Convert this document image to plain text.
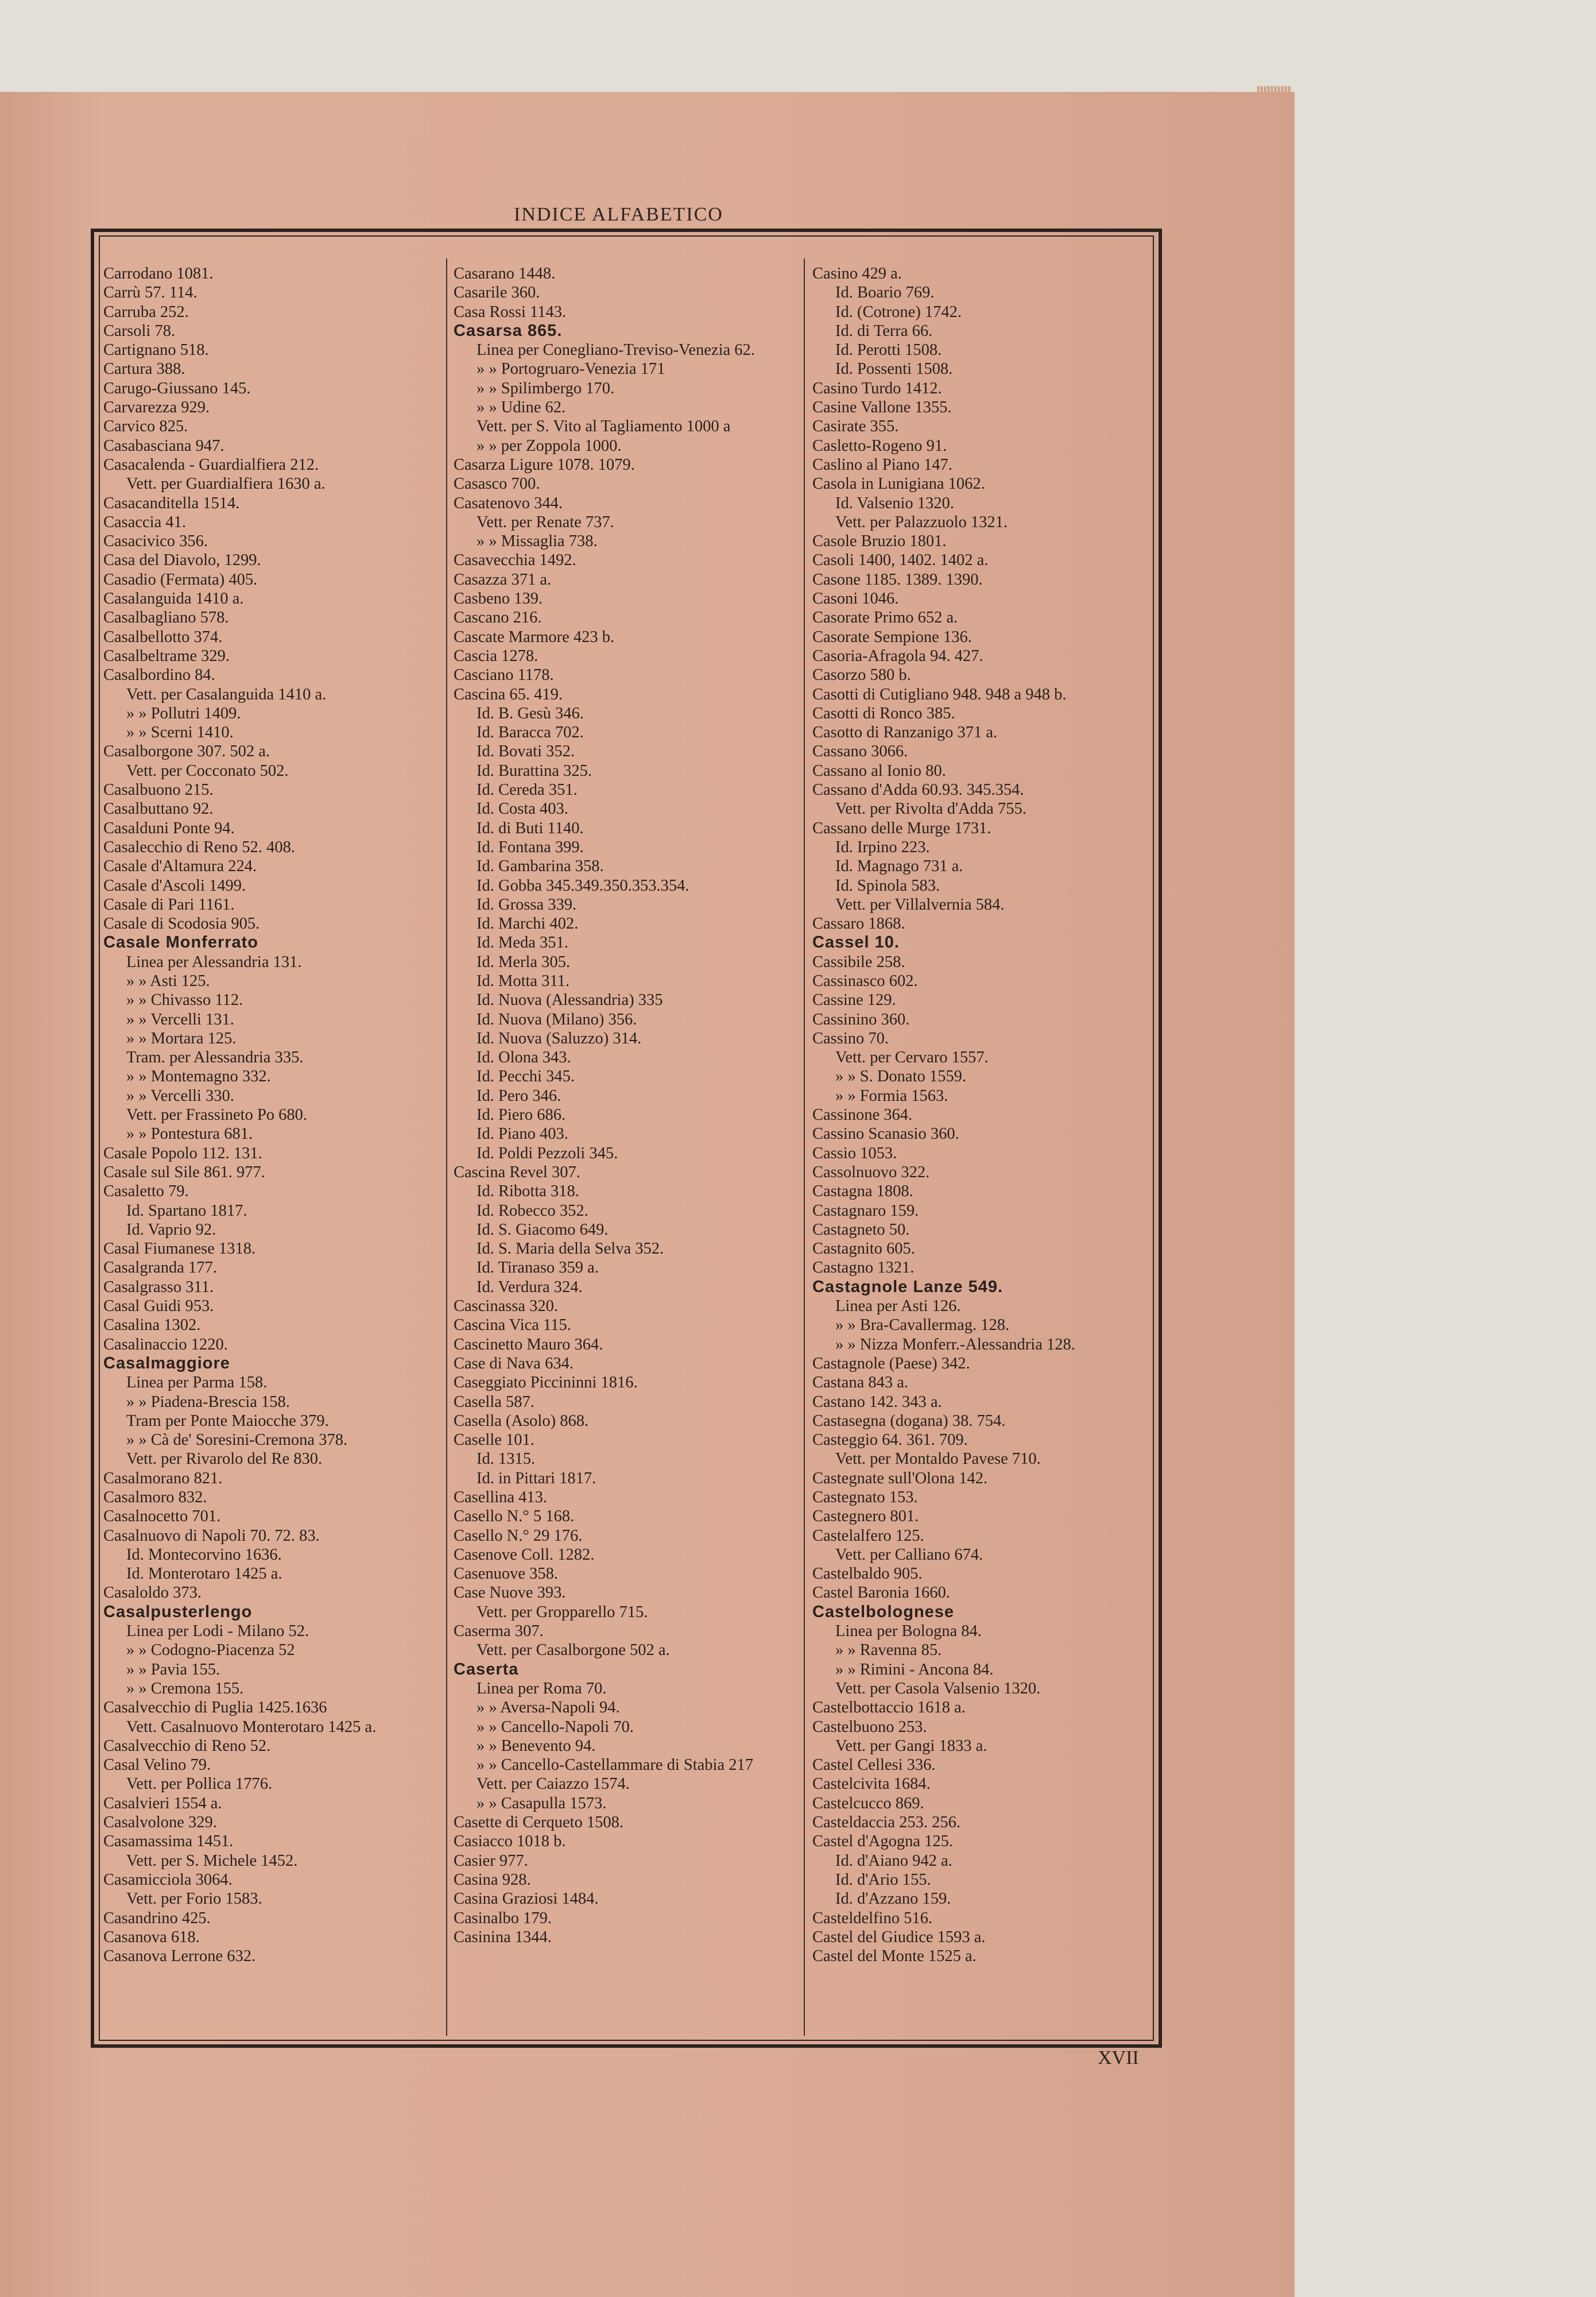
INDICE ALFABETICO
Carrodano 1081.
Carrù 57. 114.
Carruba 252.
Carsoli 78.
Cartignano 518.
Cartura 388.
Carugo-Giussano 145.
Carvarezza 929.
Carvico 825.
Casabasciana 947.
Casacalenda - Guardialfiera 212.
Vett. per Guardialfiera 1630 a.
Casacanditella 1514.
Casaccia 41.
Casacivico 356.
Casa del Diavolo, 1299.
Casadio (Fermata) 405.
Casalanguida 1410 a.
Casalbagliano 578.
Casalbellotto 374.
Casalbeltrame 329.
Casalbordino 84.
Vett. per Casalanguida 1410 a.
» » Pollutri 1409.
» » Scerni 1410.
Casalborgone 307. 502 a.
Vett. per Cocconato 502.
Casalbuono 215.
Casalbuttano 92.
Casalduni Ponte 94.
Casalecchio di Reno 52. 408.
Casale d'Altamura 224.
Casale d'Ascoli 1499.
Casale di Pari 1161.
Casale di Scodosia 905.
Casale Monferrato
Linea per Alessandria 131.
» » Asti 125.
» » Chivasso 112.
» » Vercelli 131.
» » Mortara 125.
Tram. per Alessandria 335.
» » Montemagno 332.
» » Vercelli 330.
Vett. per Frassineto Po 680.
» » Pontestura 681.
Casale Popolo 112. 131.
Casale sul Sile 861. 977.
Casaletto 79.
Id. Spartano 1817.
Id. Vaprio 92.
Casal Fiumanese 1318.
Casalgranda 177.
Casalgrasso 311.
Casal Guidi 953.
Casalina 1302.
Casalinaccio 1220.
Casalmaggiore
Linea per Parma 158.
» » Piadena-Brescia 158.
Tram per Ponte Maiocche 379.
» » Cà de' Soresini-Cremona 378.
Vett. per Rivarolo del Re 830.
Casalmorano 821.
Casalmoro 832.
Casalnocetto 701.
Casalnuovo di Napoli 70. 72. 83.
Id. Montecorvino 1636.
Id. Monterotaro 1425 a.
Casaloldo 373.
Casalpusterlengo
Linea per Lodi - Milano 52.
» » Codogno-Piacenza 52
» » Pavia 155.
» » Cremona 155.
Casalvecchio di Puglia 1425.1636
Vett. Casalnuovo Monterotaro 1425 a.
Casalvecchio di Reno 52.
Casal Velino 79.
Vett. per Pollica 1776.
Casalvieri 1554 a.
Casalvolone 329.
Casamassima 1451.
Vett. per S. Michele 1452.
Casamicciola 3064.
Vett. per Forio 1583.
Casandrino 425.
Casanova 618.
Casanova Lerrone 632.
Casarano 1448.
Casarile 360.
Casa Rossi 1143.
Casarsa 865.
Linea per Conegliano-Treviso-Venezia 62.
» » Portogruaro-Venezia 171
» » Spilimbergo 170.
» » Udine 62.
Vett. per S. Vito al Tagliamento 1000 a
» » per Zoppola 1000.
Casarza Ligure 1078. 1079.
Casasco 700.
Casatenovo 344.
Vett. per Renate 737.
» » Missaglia 738.
Casavecchia 1492.
Casazza 371 a.
Casbeno 139.
Cascano 216.
Cascate Marmore 423 b.
Cascia 1278.
Casciano 1178.
Cascina 65. 419.
Id. B. Gesù 346.
Id. Baracca 702.
Id. Bovati 352.
Id. Burattina 325.
Id. Cereda 351.
Id. Costa 403.
Id. di Buti 1140.
Id. Fontana 399.
Id. Gambarina 358.
Id. Gobba 345.349.350.353.354.
Id. Grossa 339.
Id. Marchi 402.
Id. Meda 351.
Id. Merla 305.
Id. Motta 311.
Id. Nuova (Alessandria) 335
Id. Nuova (Milano) 356.
Id. Nuova (Saluzzo) 314.
Id. Olona 343.
Id. Pecchi 345.
Id. Pero 346.
Id. Piero 686.
Id. Piano 403.
Id. Poldi Pezzoli 345.
Cascina Revel 307.
Id. Ribotta 318.
Id. Robecco 352.
Id. S. Giacomo 649.
Id. S. Maria della Selva 352.
Id. Tiranaso 359 a.
Id. Verdura 324.
Cascinassa 320.
Cascina Vica 115.
Cascinetto Mauro 364.
Case di Nava 634.
Caseggiato Piccininni 1816.
Casella 587.
Casella (Asolo) 868.
Caselle 101.
Id. 1315.
Id. in Pittari 1817.
Casellina 413.
Casello N.° 5 168.
Casello N.° 29 176.
Casenove Coll. 1282.
Casenuove 358.
Case Nuove 393.
Vett. per Gropparello 715.
Caserma 307.
Vett. per Casalborgone 502 a.
Caserta
Linea per Roma 70.
» » Aversa-Napoli 94.
» » Cancello-Napoli 70.
» » Benevento 94.
» » Cancello-Castellammare di Stabia 217
Vett. per Caiazzo 1574.
» » Casapulla 1573.
Casette di Cerqueto 1508.
Casiacco 1018 b.
Casier 977.
Casina 928.
Casina Graziosi 1484.
Casinalbo 179.
Casinina 1344.
Casino 429 a.
Id. Boario 769.
Id. (Cotrone) 1742.
Id. di Terra 66.
Id. Perotti 1508.
Id. Possenti 1508.
Casino Turdo 1412.
Casine Vallone 1355.
Casirate 355.
Casletto-Rogeno 91.
Caslino al Piano 147.
Casola in Lunigiana 1062.
Id. Valsenio 1320.
Vett. per Palazzuolo 1321.
Casole Bruzio 1801.
Casoli 1400, 1402. 1402 a.
Casone 1185. 1389. 1390.
Casoni 1046.
Casorate Primo 652 a.
Casorate Sempione 136.
Casoria-Afragola 94. 427.
Casorzo 580 b.
Casotti di Cutigliano 948. 948 a 948 b.
Casotti di Ronco 385.
Casotto di Ranzanigo 371 a.
Cassano 3066.
Cassano al Ionio 80.
Cassano d'Adda 60.93. 345.354.
Vett. per Rivolta d'Adda 755.
Cassano delle Murge 1731.
Id. Irpino 223.
Id. Magnago 731 a.
Id. Spinola 583.
Vett. per Villalvernia 584.
Cassaro 1868.
Cassel 10.
Cassibile 258.
Cassinasco 602.
Cassine 129.
Cassinino 360.
Cassino 70.
Vett. per Cervaro 1557.
» » S. Donato 1559.
» » Formia 1563.
Cassinone 364.
Cassino Scanasio 360.
Cassio 1053.
Cassolnuovo 322.
Castagna 1808.
Castagnaro 159.
Castagneto 50.
Castagnito 605.
Castagno 1321.
Castagnole Lanze 549.
Linea per Asti 126.
» » Bra-Cavallermag. 128.
» » Nizza Monferr.-Alessandria 128.
Castagnole (Paese) 342.
Castana 843 a.
Castano 142. 343 a.
Castasegna (dogana) 38. 754.
Casteggio 64. 361. 709.
Vett. per Montaldo Pavese 710.
Castegnate sull'Olona 142.
Castegnato 153.
Castegnero 801.
Castelalfero 125.
Vett. per Calliano 674.
Castelbaldo 905.
Castel Baronia 1660.
Castelbolognese
Linea per Bologna 84.
» » Ravenna 85.
» » Rimini - Ancona 84.
Vett. per Casola Valsenio 1320.
Castelbottaccio 1618 a.
Castelbuono 253.
Vett. per Gangi 1833 a.
Castel Cellesi 336.
Castelcivita 1684.
Castelcucco 869.
Casteldaccia 253. 256.
Castel d'Agogna 125.
Id. d'Aiano 942 a.
Id. d'Ario 155.
Id. d'Azzano 159.
Casteldelfino 516.
Castel del Giudice 1593 a.
Castel del Monte 1525 a.
XVII
